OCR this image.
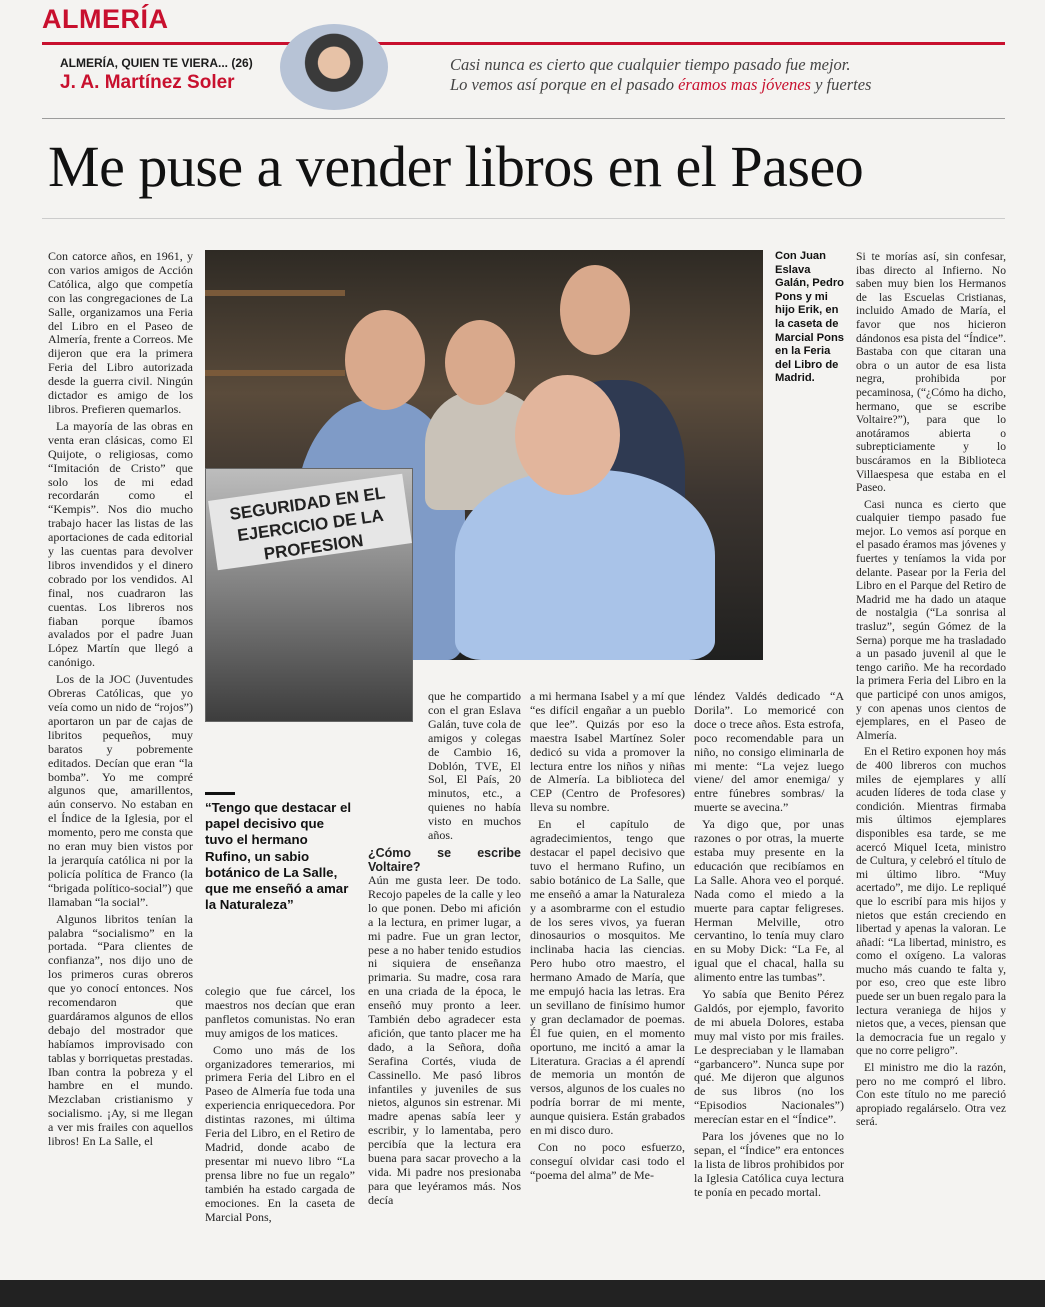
ALMERÍA
ALMERÍA, QUIEN TE VIERA... (26)
J. A. Martínez Soler
Casi nunca es cierto que cualquier tiempo pasado fue mejor.
Lo vemos así porque en el pasado éramos mas jóvenes y fuertes
Me puse a vender libros en el Paseo
SEGURIDAD EN EL EJERCICIO DE LA PROFESION
Con Juan Eslava Galán, Pedro Pons y mi hijo Erik, en la caseta de Marcial Pons en la Feria del Libro de Madrid.
“Tengo que destacar el papel decisivo que tuvo el hermano Rufino, un sabio botánico de La Salle, que me enseñó a amar la Naturaleza”

Con catorce años, en 1961, y con varios amigos de Acción Católica, algo que competía con las congregaciones de La Salle, organizamos una Feria del Libro en el Paseo de Almería, frente a Correos. Me dijeron que era la primera Feria del Libro autorizada desde la guerra civil. Ningún dictador es amigo de los libros. Prefieren quemarlos.

La mayoría de las obras en venta eran clásicas, como El Quijote, o religiosas, como “Imitación de Cristo” que solo los de mi edad recordarán como el “Kempis”. Nos dio mucho trabajo hacer las listas de las aportaciones de cada editorial y las cuentas para devolver libros invendidos y el dinero cobrado por los vendidos. Al final, nos cuadraron las cuentas. Los libreros nos fiaban porque íbamos avalados por el padre Juan López Martín que llegó a canónigo.

Los de la JOC (Juventudes Obreras Católicas, que yo veía como un nido de “rojos”) aportaron un par de cajas de libritos pequeños, muy baratos y pobremente editados. Decían que eran “la bomba”. Yo me compré algunos que, amarillentos, aún conservo. No estaban en el Índice de la Iglesia, por el momento, pero me consta que no eran muy bien vistos por la jerarquía católica ni por la policía política de Franco (la “brigada político-social”) que llamaban “la social”.

Algunos libritos tenían la palabra “socialismo” en la portada. “Para clientes de confianza”, nos dijo uno de los primeros curas obreros que yo conocí entonces. Nos recomendaron que guardáramos algunos de ellos debajo del mostrador que habíamos improvisado con tablas y borriquetas prestadas. Iban contra la pobreza y el hambre en el mundo. Mezclaban cristianismo y socialismo. ¡Ay, si me llegan a ver mis frailes con aquellos libros! En La Salle, el

colegio que fue cárcel, los maestros nos decían que eran panfletos comunistas. No eran muy amigos de los matices.

Como uno más de los organizadores temerarios, mi primera Feria del Libro en el Paseo de Almería fue toda una experiencia enriquecedora. Por distintas razones, mi última Feria del Libro, en el Retiro de Madrid, donde acabo de presentar mi nuevo libro “La prensa libre no fue un regalo” también ha estado cargada de emociones. En la caseta de Marcial Pons,

que he compartido con el gran Eslava Galán, tuve cola de amigos y colegas de Cambio 16, Doblón, TVE, El Sol, El País, 20 minutos, etc., a quienes no había visto en muchos años.

¿Cómo se escribe Voltaire?

Aún me gusta leer. De todo. Recojo papeles de la calle y leo lo que ponen. Debo mi afición a la lectura, en primer lugar, a mi padre. Fue un gran lector, pese a no haber tenido estudios ni siquiera de enseñanza primaria. Su madre, cosa rara en una criada de la época, le enseñó muy pronto a leer. También debo agradecer esta afición, que tanto placer me ha dado, a la Señora, doña Serafina Cortés, viuda de Cassinello. Me pasó libros infantiles y juveniles de sus nietos, algunos sin estrenar. Mi madre apenas sabía leer y escribir, y lo lamentaba, pero percibía que la lectura era buena para sacar provecho a la vida. Mi padre nos presionaba para que leyéramos más. Nos decía

a mi hermana Isabel y a mí que “es difícil engañar a un pueblo que lee”. Quizás por eso la maestra Isabel Martínez Soler dedicó su vida a promover la lectura entre los niños y niñas de Almería. La biblioteca del CEP (Centro de Profesores) lleva su nombre.

En el capítulo de agradecimientos, tengo que destacar el papel decisivo que tuvo el hermano Rufino, un sabio botánico de La Salle, que me enseñó a amar la Naturaleza y a asombrarme con el estudio de los seres vivos, ya fueran dinosaurios o mosquitos. Me inclinaba hacia las ciencias. Pero hubo otro maestro, el hermano Amado de María, que me empujó hacia las letras. Era un sevillano de finísimo humor y gran declamador de poemas. Él fue quien, en el momento oportuno, me incitó a amar la Literatura. Gracias a él aprendí de memoria un montón de versos, algunos de los cuales no podría borrar de mi mente, aunque quisiera. Están grabados en mi disco duro.

Con no poco esfuerzo, conseguí olvidar casi todo el “poema del alma” de Me-

léndez Valdés dedicado “A Dorila”. Lo memoricé con doce o trece años. Esta estrofa, poco recomendable para un niño, no consigo eliminarla de mi mente: “La vejez luego viene/ del amor enemiga/ y entre fúnebres sombras/ la muerte se avecina.”

Ya digo que, por unas razones o por otras, la muerte estaba muy presente en la educación que recibíamos en La Salle. Ahora veo el porqué. Nada como el miedo a la muerte para captar feligreses. Herman Melville, otro cervantino, lo tenía muy claro en su Moby Dick: “La Fe, al igual que el chacal, halla su alimento entre las tumbas”.

Yo sabía que Benito Pérez Galdós, por ejemplo, favorito de mi abuela Dolores, estaba muy mal visto por mis frailes. Le despreciaban y le llamaban “garbancero”. Nunca supe por qué. Me dijeron que algunos de sus libros (no los “Episodios Nacionales”) merecían estar en el “Índice”.

Para los jóvenes que no lo sepan, el “Índice” era entonces la lista de libros prohibidos por la Iglesia Católica cuya lectura te ponía en pecado mortal.

Si te morías así, sin confesar, ibas directo al Infierno. No saben muy bien los Hermanos de las Escuelas Cristianas, incluido Amado de María, el favor que nos hicieron dándonos esa pista del “Índice”. Bastaba con que citaran una obra o un autor de esa lista negra, prohibida por pecaminosa, (“¿Cómo ha dicho, hermano, que se escribe Voltaire?”), para que lo anotáramos abierta o subrepticiamente y lo buscáramos en la Biblioteca Villaespesa que estaba en el Paseo.

Casi nunca es cierto que cualquier tiempo pasado fue mejor. Lo vemos así porque en el pasado éramos mas jóvenes y fuertes y teníamos la vida por delante. Pasear por la Feria del Libro en el Parque del Retiro de Madrid me ha dado un ataque de nostalgia (“La sonrisa al trasluz”, según Gómez de la Serna) porque me ha trasladado a un pasado juvenil al que le tengo cariño. Me ha recordado la primera Feria del Libro en la que participé con unos amigos, y con apenas unos cientos de ejemplares, en el Paseo de Almería.

En el Retiro exponen hoy más de 400 libreros con muchos miles de ejemplares y allí acuden líderes de toda clase y condición. Mientras firmaba mis últimos ejemplares disponibles esa tarde, se me acercó Miquel Iceta, ministro de Cultura, y celebró el título de mi último libro. “Muy acertado”, me dijo. Le repliqué que lo escribí para mis hijos y nietos que están creciendo en libertad y apenas la valoran. Le añadí: “La libertad, ministro, es como el oxígeno. La valoras mucho más cuando te falta y, por eso, creo que este libro puede ser un buen regalo para la lectura veraniega de hijos y nietos que, a veces, piensan que la democracia fue un regalo y que no corre peligro”.

El ministro me dio la razón, pero no me compró el libro. Con este título no me pareció apropiado regalárselo. Otra vez será.
